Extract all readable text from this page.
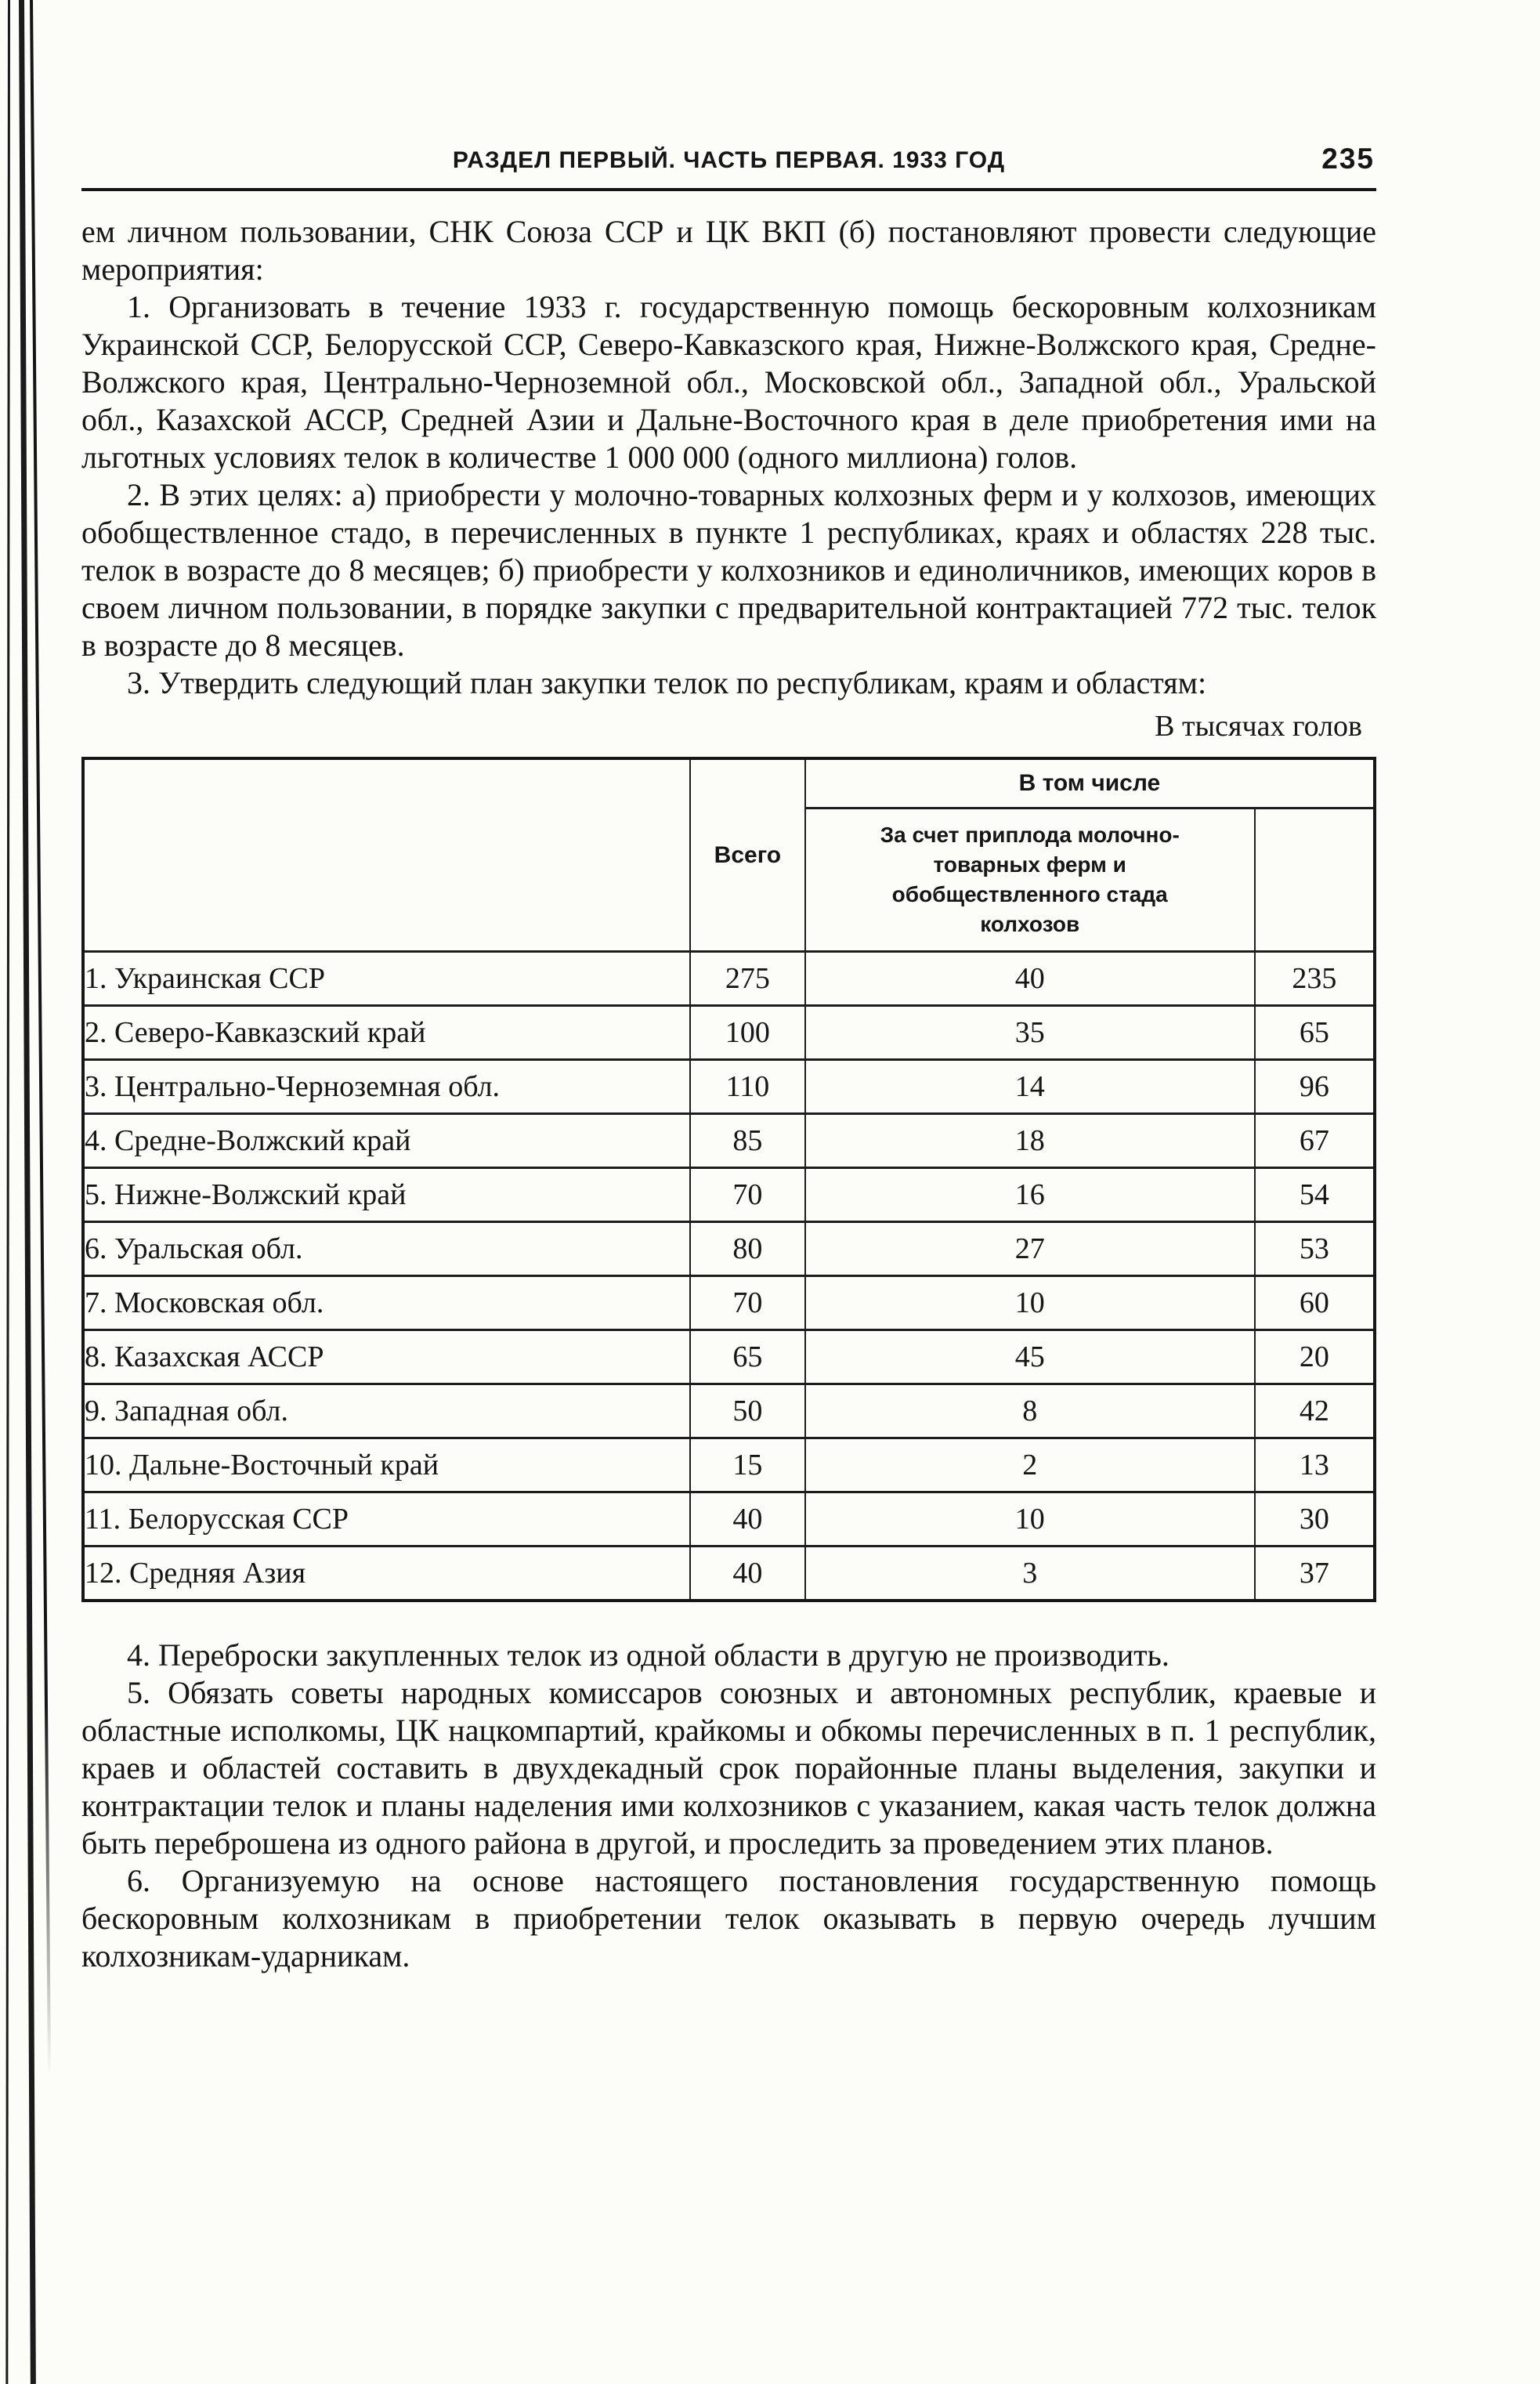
РАЗДЕЛ ПЕРВЫЙ. ЧАСТЬ ПЕРВАЯ. 1933 ГОД	235

ем личном пользовании, СНК Союза ССР и ЦК ВКП (б) постановляют провести следующие мероприятия:

1. Организовать в течение 1933 г. государственную помощь бескоровным колхозникам Украинской ССР, Белорусской ССР, Северо-Кавказского края, Нижне-Волжского края, Средне-Волжского края, Центрально-Черноземной обл., Московской обл., Западной обл., Уральской обл., Казахской АССР, Средней Азии и Дальне-Восточного края в деле приобретения ими на льготных условиях телок в количестве 1 000 000 (одного миллиона) голов.

2. В этих целях: а) приобрести у молочно-товарных колхозных ферм и у колхозов, имеющих обобществленное стадо, в перечисленных в пункте 1 республиках, краях и областях 228 тыс. телок в возрасте до 8 месяцев; б) приобрести у колхозников и единоличников, имеющих коров в своем личном пользовании, в порядке закупки с предварительной контрактацией 772 тыс. телок в возрасте до 8 месяцев.

3. Утвердить следующий план закупки телок по республикам, краям и областям:

В тысячах голов
	Всего	В том числе	

		За счет приплода молочно-товарных ферм и обобществленного стада колхозов	

1. Украинская ССР	275	40	235
2. Северо-Кавказский край	100	35	65
3. Центрально-Черноземная обл.	110	14	96
4. Средне-Волжский край	85	18	67
5. Нижне-Волжский край	70	16	54
6. Уральская обл.	80	27	53
7. Московская обл.	70	10	60
8. Казахская АССР	65	45	20
9. Западная обл.	50	8	42
10. Дальне-Восточный край	15	2	13
11. Белорусская ССР	40	10	30
12. Средняя Азия	40	3	37

4. Переброски закупленных телок из одной области в другую не производить.

5. Обязать советы народных комиссаров союзных и автономных республик, краевые и областные исполкомы, ЦК нацкомпартий, крайкомы и обкомы перечисленных в п. 1 республик, краев и областей составить в двухдекадный срок порайонные планы выделения, закупки и контрактации телок и планы наделения ими колхозников с указанием, какая часть телок должна быть переброшена из одного района в другой, и проследить за проведением этих планов.

6. Организуемую на основе настоящего постановления государственную помощь бескоровным колхозникам в приобретении телок оказывать в первую очередь лучшим колхозникам-ударникам.
